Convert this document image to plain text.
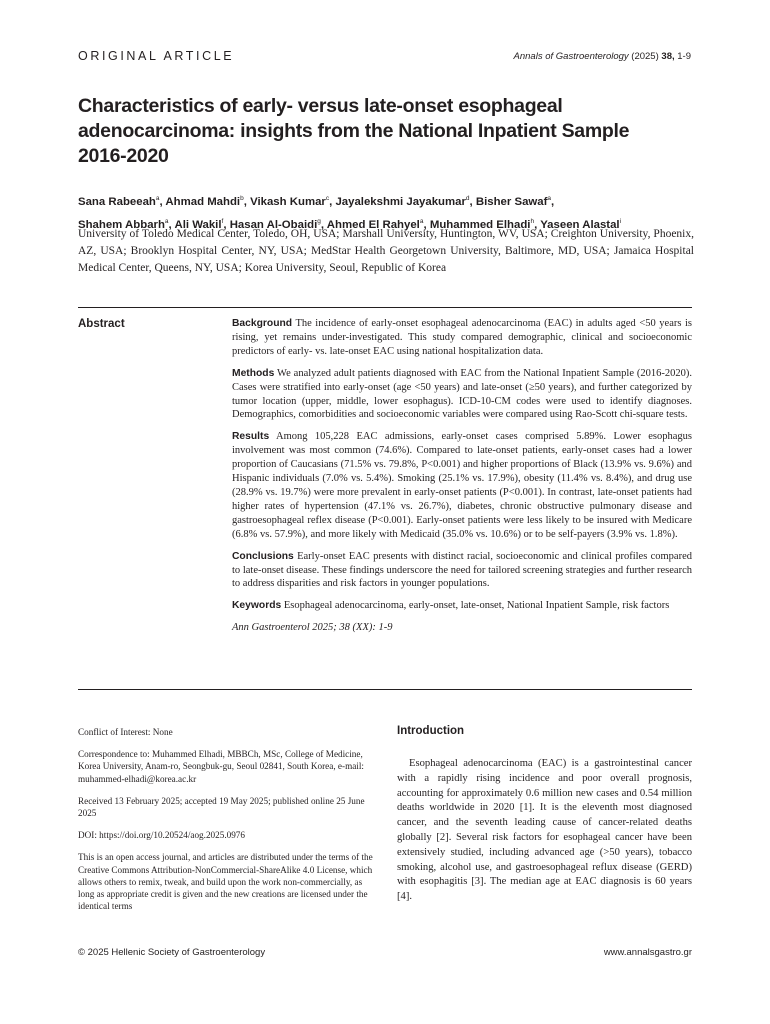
ORIGINAL ARTICLE	Annals of Gastroenterology (2025) 38, 1-9
Characteristics of early- versus late-onset esophageal adenocarcinoma: insights from the National Inpatient Sample 2016-2020
Sana Rabeeah$^a$, Ahmad Mahdi$^b$, Vikash Kumar$^c$, Jayalekshmi Jayakumar$^d$, Bisher Sawaf$^a$,
Shahem Abbarh$^a$, Ali Wakil$^f$, Hasan Al-Obaidi$^g$, Ahmed El Rahyel$^a$, Muhammed Elhadi$^h$, Yaseen Alastal$^i$
University of Toledo Medical Center, Toledo, OH, USA; Marshall University, Huntington, WV, USA; Creighton University, Phoenix, AZ, USA; Brooklyn Hospital Center, NY, USA; MedStar Health Georgetown University, Baltimore, MD, USA; Jamaica Hospital Medical Center, Queens, NY, USA; Korea University, Seoul, Republic of Korea
Abstract	Background The incidence of early-onset esophageal adenocarcinoma (EAC) in adults aged <50 years is rising, yet remains under-investigated. This study compared demographic, clinical and socioeconomic predictors of early- vs. late-onset EAC using national hospitalization data.

Methods We analyzed adult patients diagnosed with EAC from the National Inpatient Sample (2016-2020). Cases were stratified into early-onset (age <50 years) and late-onset (≥50 years), and further categorized by tumor location (upper, middle, lower esophagus). ICD-10-CM codes were used to identify diagnoses. Demographics, comorbidities and socioeconomic variables were compared using Rao-Scott chi-square tests.

Results Among 105,228 EAC admissions, early-onset cases comprised 5.89%. Lower esophagus involvement was most common (74.6%). Compared to late-onset patients, early-onset cases had a lower proportion of Caucasians (71.5% vs. 79.8%, P<0.001) and higher proportions of Black (13.9% vs. 9.6%) and Hispanic individuals (7.0% vs. 5.4%). Smoking (25.1% vs. 17.9%), obesity (11.4% vs. 8.4%), and drug use (28.9% vs. 19.7%) were more prevalent in early-onset patients (P<0.001). In contrast, late-onset patients had higher rates of hypertension (47.1% vs. 26.7%), diabetes, chronic obstructive pulmonary disease and gastroesophageal reflex disease (P<0.001). Early-onset patients were less likely to be insured with Medicare (6.8% vs. 57.9%), and more likely with Medicaid (35.0% vs. 10.6%) or to be self-payers (3.9% vs. 1.8%).

Conclusions Early-onset EAC presents with distinct racial, socioeconomic and clinical profiles compared to late-onset disease. These findings underscore the need for tailored screening strategies and further research to address disparities and risk factors in younger populations.

Keywords Esophageal adenocarcinoma, early-onset, late-onset, National Inpatient Sample, risk factors

Ann Gastroenterol 2025; 38 (XX): 1-9

Conflict of Interest: None

Correspondence to: Muhammed Elhadi, MBBCh, MSc, College of Medicine, Korea University, Anam-ro, Seongbuk-gu, Seoul 02841, South Korea, e-mail: muhammed-elhadi@korea.ac.kr

Received 13 February 2025; accepted 19 May 2025; published online 25 June 2025

DOI: https://doi.org/10.20524/aog.2025.0976

This is an open access journal, and articles are distributed under the terms of the Creative Commons Attribution-NonCommercial-ShareAlike 4.0 License, which allows others to remix, tweak, and build upon the work non-commercially, as long as appropriate credit is given and the new creations are licensed under the identical terms

Introduction
Esophageal adenocarcinoma (EAC) is a gastrointestinal cancer with a rapidly rising incidence and poor overall prognosis, accounting for approximately 0.6 million new cases and 0.54 million deaths worldwide in 2020 [1]. It is the eleventh most diagnosed cancer, and the seventh leading cause of cancer-related deaths globally [2]. Several risk factors for esophageal cancer have been extensively studied, including advanced age (>50 years), tobacco smoking, alcohol use, and gastroesophageal reflux disease (GERD) with esophagitis [3]. The median age at EAC diagnosis is 60 years [4].
© 2025 Hellenic Society of Gastroenterology	www.annalsgastro.gr
